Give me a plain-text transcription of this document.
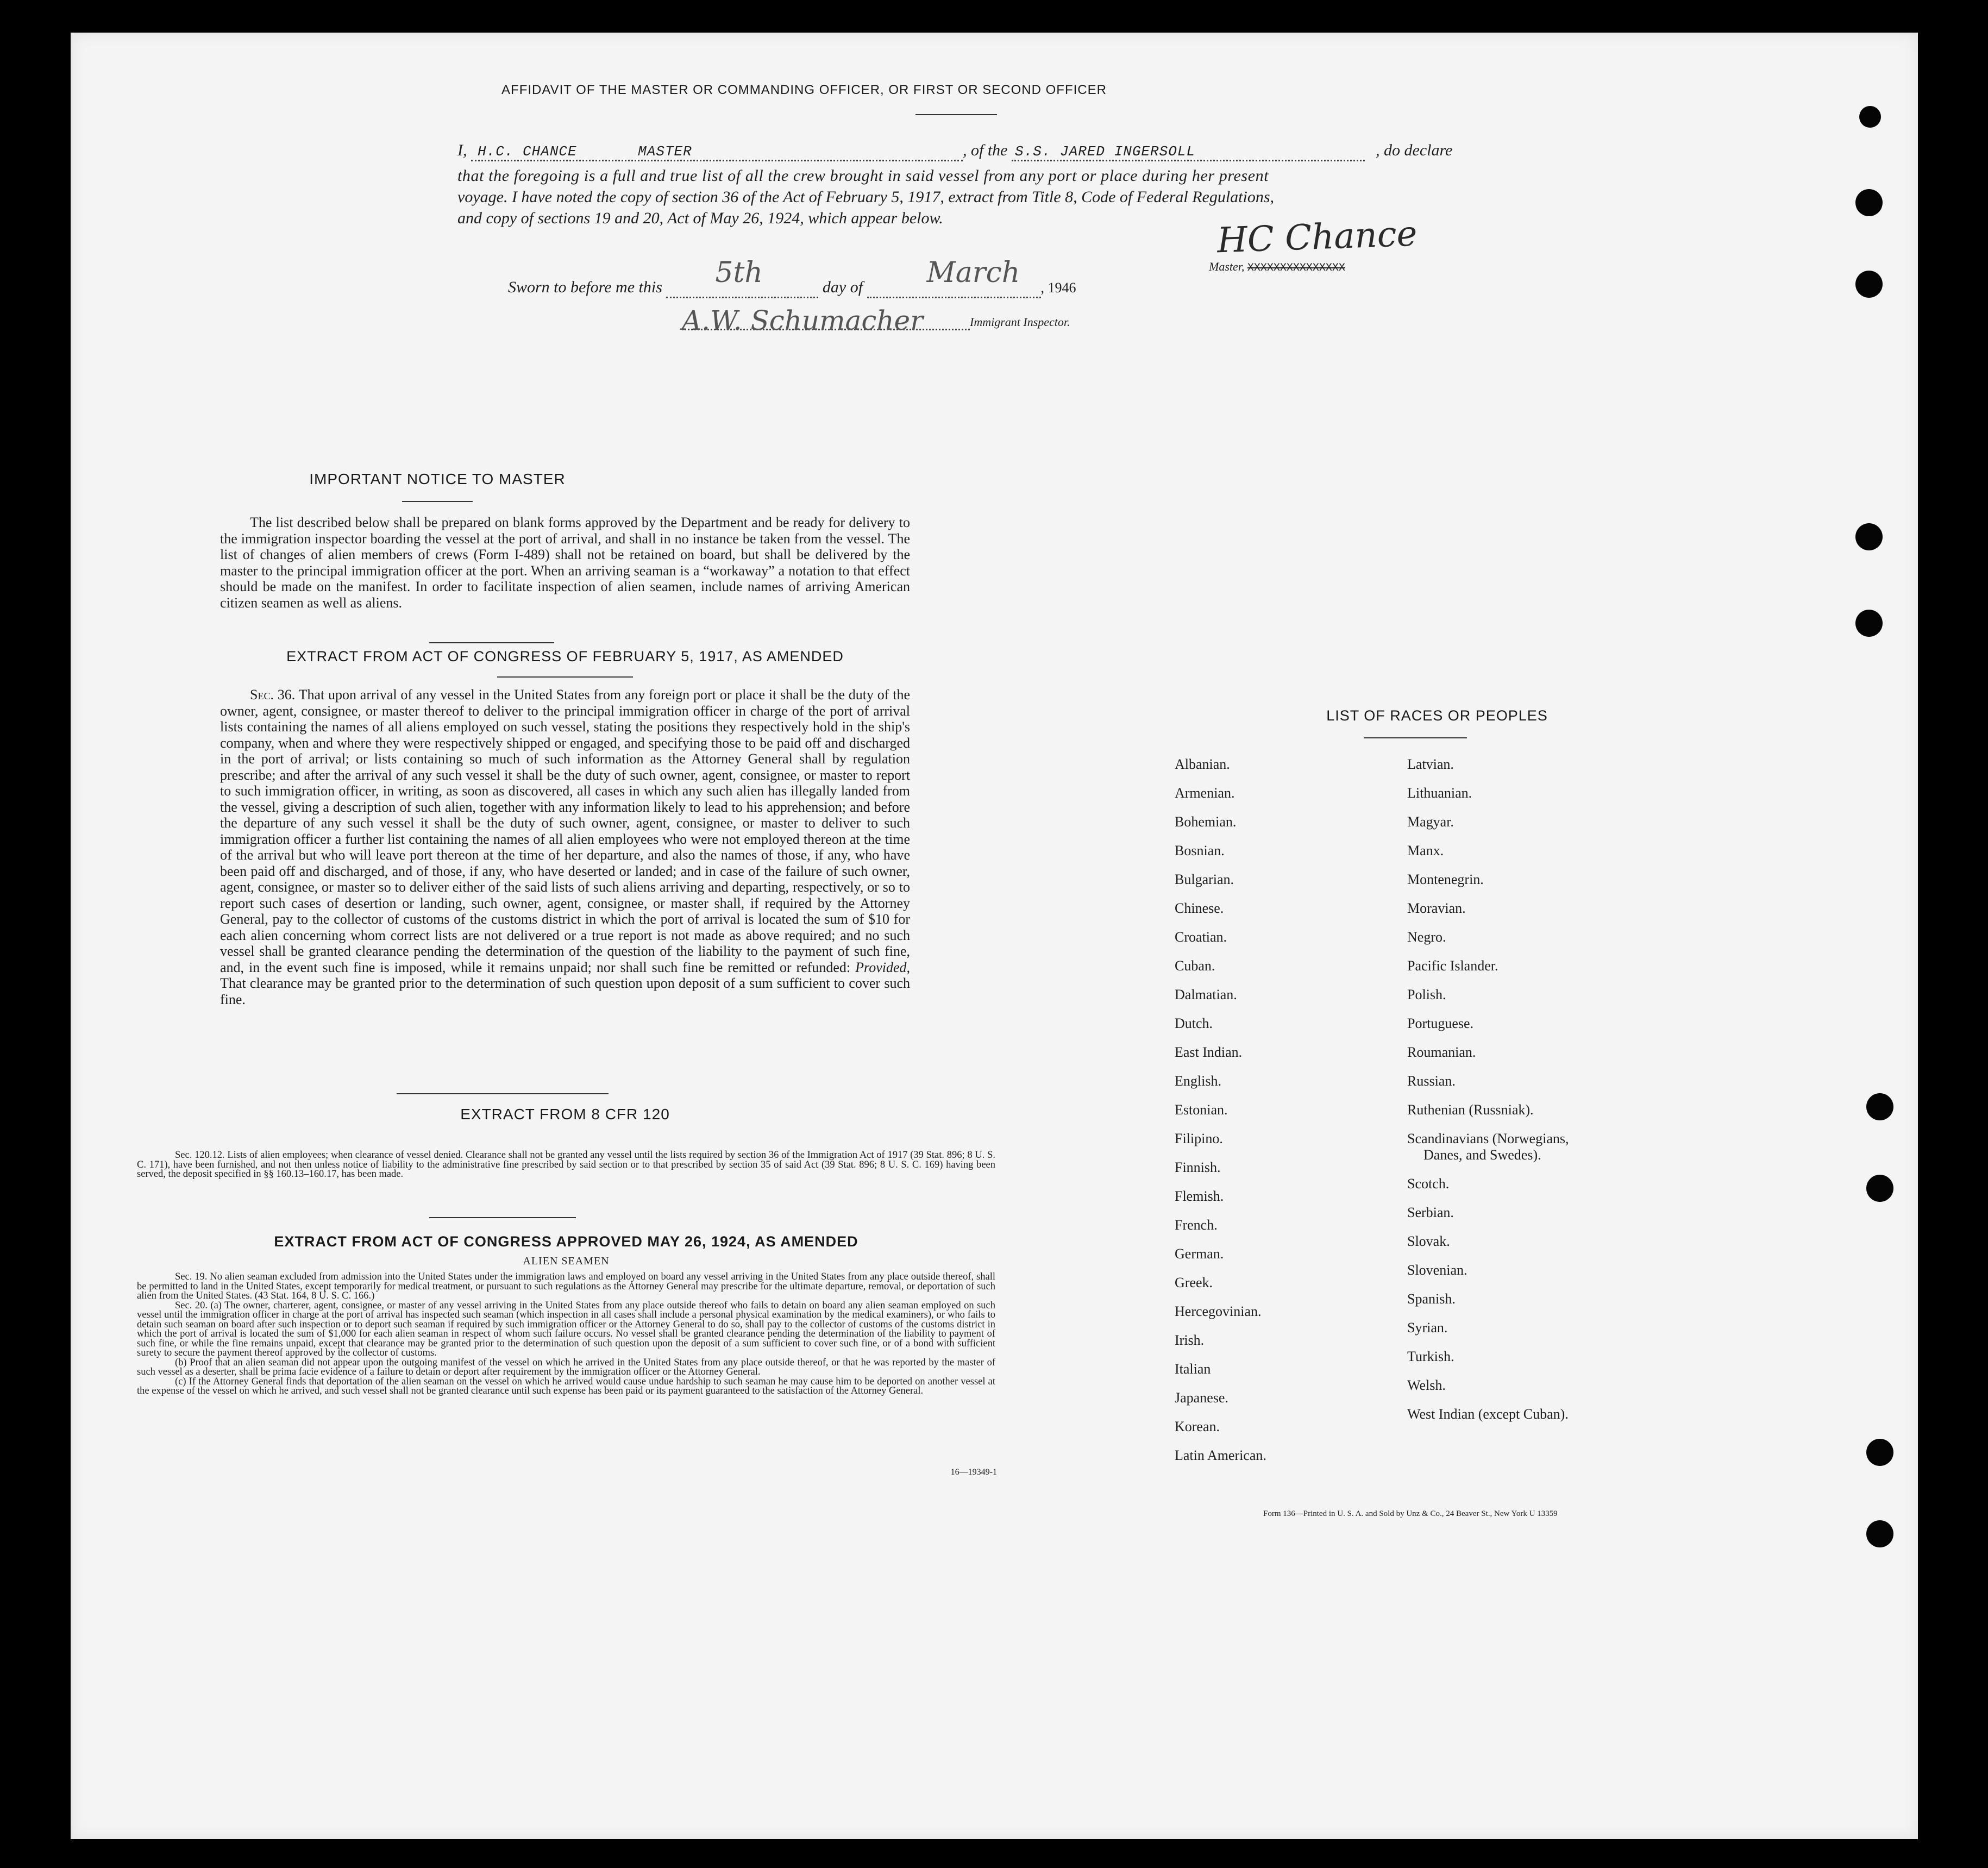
AFFIDAVIT OF THE MASTER OR COMMANDING OFFICER, OR FIRST OR SECOND OFFICER
I, H.C. CHANCE	MASTER	, of the S.S. JARED INGERSOLL	, do declare
that the foregoing is a full and true list of all the crew brought in said vessel from any port or place during her present
voyage. I have noted the copy of section 36 of the Act of February 5, 1917, extract from Title 8, Code of Federal Regulations,
and copy of sections 19 and 20, Act of May 26, 1924, which appear below.	HC Chance
Master, XXXXXXXXXXXXXXX
Sworn to before me this 5th	day of March , 1946
A.W. Schumacher	Immigrant Inspector.
IMPORTANT NOTICE TO MASTER
The list described below shall be prepared on blank forms approved by the Department and be ready for delivery to the immigration inspector boarding the vessel at the port of arrival, and shall in no instance be taken from the vessel. The list of changes of alien members of crews (Form I-489) shall not be retained on board, but shall be delivered by the master to the principal immigration officer at the port. When an arriving seaman is a “workaway” a notation to that effect should be made on the manifest. In order to facilitate inspection of alien seamen, include names of arriving American citizen seamen as well as aliens.
EXTRACT FROM ACT OF CONGRESS OF FEBRUARY 5, 1917, AS AMENDED
Sec. 36. That upon arrival of any vessel in the United States from any foreign port or place it shall be the duty of the owner, agent, consignee, or master thereof to deliver to the principal immigration officer in charge of the port of arrival lists containing the names of all aliens employed on such vessel, stating the positions they respectively hold in the ship's company, when and where they were respectively shipped or engaged, and specifying those to be paid off and discharged in the port of arrival; or lists containing so much of such information as the Attorney General shall by regulation prescribe; and after the arrival of any such vessel it shall be the duty of such owner, agent, consignee, or master to report to such immigration officer, in writing, as soon as discovered, all cases in which any such alien has illegally landed from the vessel, giving a description of such alien, together with any information likely to lead to his apprehension; and before the departure of any such vessel it shall be the duty of such owner, agent, consignee, or master to deliver to such immigration officer a further list containing the names of all alien employees who were not employed thereon at the time of the arrival but who will leave port thereon at the time of her departure, and also the names of those, if any, who have been paid off and discharged, and of those, if any, who have deserted or landed; and in case of the failure of such owner, agent, consignee, or master so to deliver either of the said lists of such aliens arriving and departing, respectively, or so to report such cases of desertion or landing, such owner, agent, consignee, or master shall, if required by the Attorney General, pay to the collector of customs of the customs district in which the port of arrival is located the sum of $10 for each alien concerning whom correct lists are not delivered or a true report is not made as above required; and no such vessel shall be granted clearance pending the determination of the question of the liability to the payment of such fine, and, in the event such fine is imposed, while it remains unpaid; nor shall such fine be remitted or refunded: Provided, That clearance may be granted prior to the determination of such question upon deposit of a sum sufficient to cover such fine.
EXTRACT FROM 8 CFR 120
Sec. 120.12. Lists of alien employees; when clearance of vessel denied. Clearance shall not be granted any vessel until the lists required by section 36 of the Immigration Act of 1917 (39 Stat. 896; 8 U. S. C. 171), have been furnished, and not then unless notice of liability to the administrative fine prescribed by said section or to that prescribed by section 35 of said Act (39 Stat. 896; 8 U. S. C. 169) having been served, the deposit specified in §§ 160.13–160.17, has been made.
EXTRACT FROM ACT OF CONGRESS APPROVED MAY 26, 1924, AS AMENDED
ALIEN SEAMEN
Sec. 19. No alien seaman excluded from admission into the United States under the immigration laws and employed on board any vessel arriving in the United States from any place outside thereof, shall be permitted to land in the United States, except temporarily for medical treatment, or pursuant to such regulations as the Attorney General may prescribe for the ultimate departure, removal, or deportation of such alien from the United States. (43 Stat. 164, 8 U. S. C. 166.)
Sec. 20. (a) The owner, charterer, agent, consignee, or master of any vessel arriving in the United States from any place outside thereof who fails to detain on board any alien seaman employed on such vessel until the immigration officer in charge at the port of arrival has inspected such seaman (which inspection in all cases shall include a personal physical examination by the medical examiners), or who fails to detain such seaman on board after such inspection or to deport such seaman if required by such immigration officer or the Attorney General to do so, shall pay to the collector of customs of the customs district in which the port of arrival is located the sum of $1,000 for each alien seaman in respect of whom such failure occurs. No vessel shall be granted clearance pending the determination of the liability to payment of such fine, or while the fine remains unpaid, except that clearance may be granted prior to the determination of such question upon the deposit of a sum sufficient to cover such fine, or of a bond with sufficient surety to secure the payment thereof approved by the collector of customs.
(b) Proof that an alien seaman did not appear upon the outgoing manifest of the vessel on which he arrived in the United States from any place outside thereof, or that he was reported by the master of such vessel as a deserter, shall be prima facie evidence of a failure to detain or deport after requirement by the immigration officer or the Attorney General.
(c) If the Attorney General finds that deportation of the alien seaman on the vessel on which he arrived would cause undue hardship to such seaman he may cause him to be deported on another vessel at the expense of the vessel on which he arrived, and such vessel shall not be granted clearance until such expense has been paid or its payment guaranteed to the satisfaction of the Attorney General.
16—19349-1
LIST OF RACES OR PEOPLES
Albanian.
Armenian.
Bohemian.
Bosnian.
Bulgarian.
Chinese.
Croatian.
Cuban.
Dalmatian.
Dutch.
East Indian.
English.
Estonian.
Filipino.
Finnish.
Flemish.
French.
German.
Greek.
Hercegovinian.
Irish.
Italian
Japanese.
Korean.
Latin American.
Latvian.
Lithuanian.
Magyar.
Manx.
Montenegrin.
Moravian.
Negro.
Pacific Islander.
Polish.
Portuguese.
Roumanian.
Russian.
Ruthenian (Russniak).
Scandinavians (Norwegians,
Danes, and Swedes).
Scotch.
Serbian.
Slovak.
Slovenian.
Spanish.
Syrian.
Turkish.
Welsh.
West Indian (except Cuban).
Form 136—Printed in U. S. A. and Sold by Unz & Co., 24 Beaver St., New York U 13359
